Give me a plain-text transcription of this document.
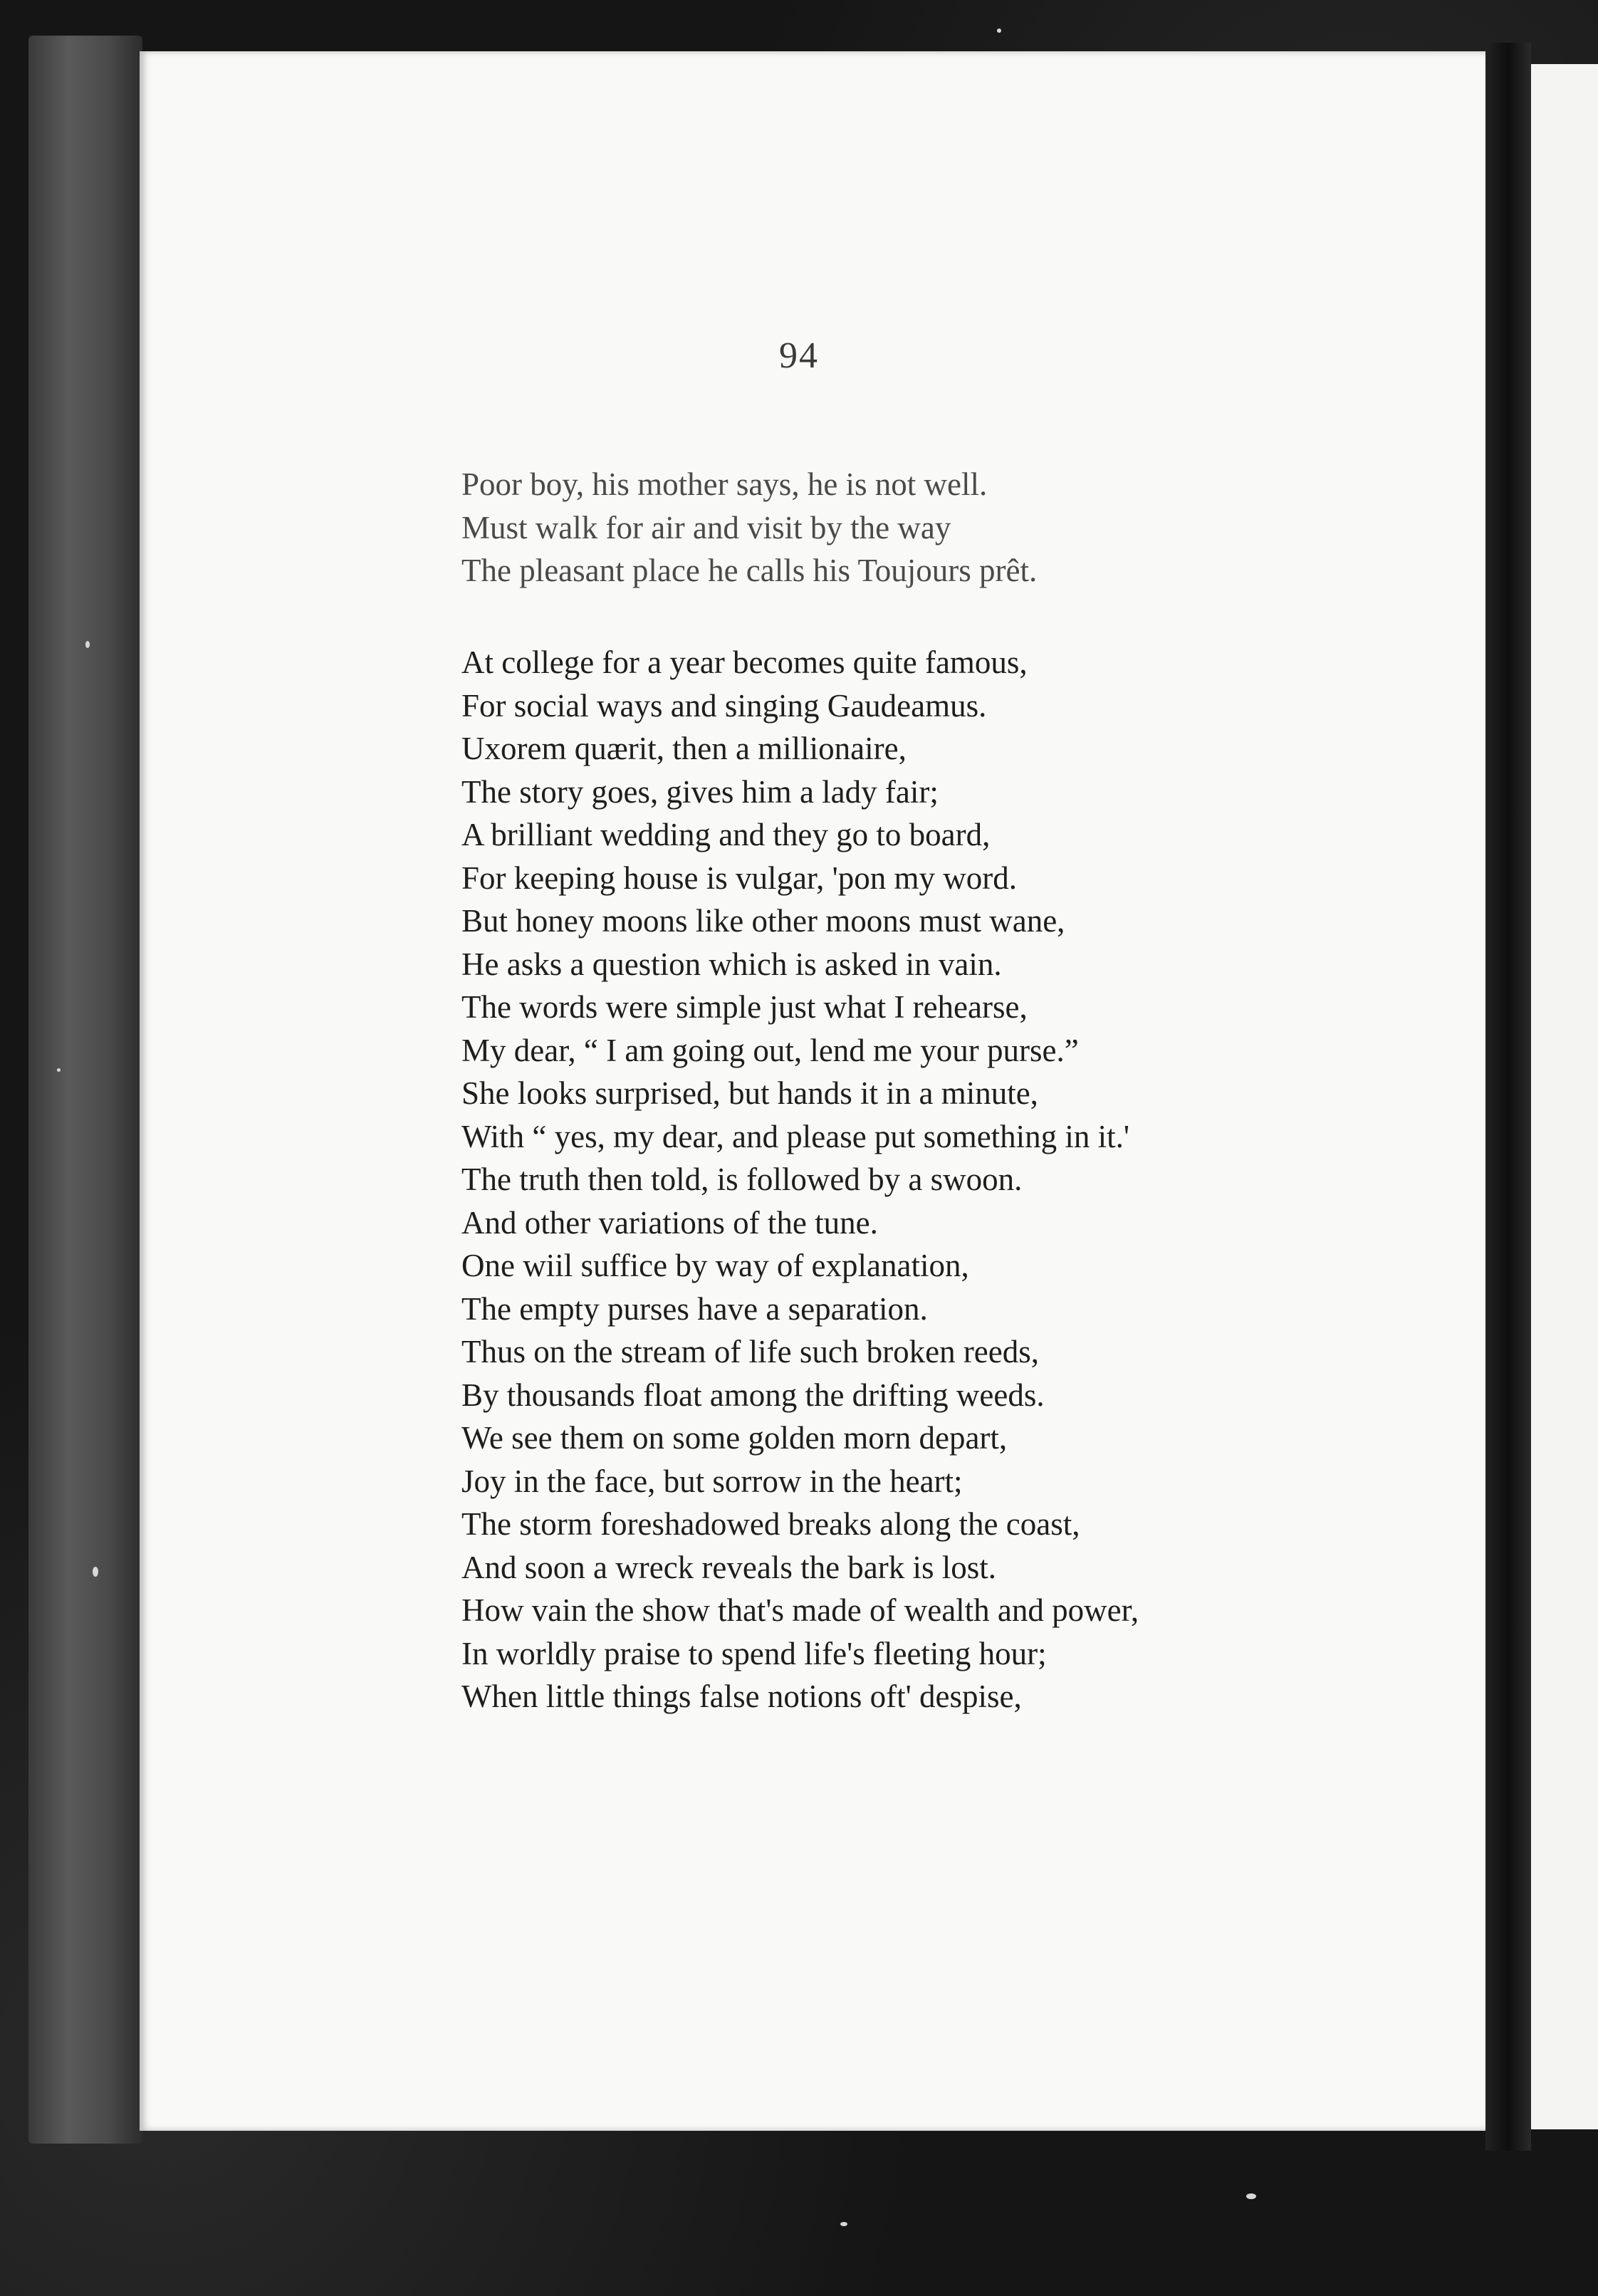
94
Poor boy, his mother says, he is not well.
Must walk for air and visit by the way
The pleasant place he calls his Toujours prêt.
At college for a year becomes quite famous,
For social ways and singing Gaudeamus.
Uxorem quærit, then a millionaire,
The story goes, gives him a lady fair;
A brilliant wedding and they go to board,
For keeping house is vulgar, 'pon my word.
But honey moons like other moons must wane,
He asks a question which is asked in vain.
The words were simple just what I rehearse,
My dear, “ I am going out, lend me your purse.”
She looks surprised, but hands it in a minute,
With “ yes, my dear, and please put something in it.'
The truth then told, is followed by a swoon.
And other variations of the tune.
One wiil suffice by way of explanation,
The empty purses have a separation.
Thus on the stream of life such broken reeds,
By thousands float among the drifting weeds.
We see them on some golden morn depart,
Joy in the face, but sorrow in the heart;
The storm foreshadowed breaks along the coast,
And soon a wreck reveals the bark is lost.
How vain the show that's made of wealth and power,
In worldly praise to spend life's fleeting hour;
When little things false notions oft' despise,
